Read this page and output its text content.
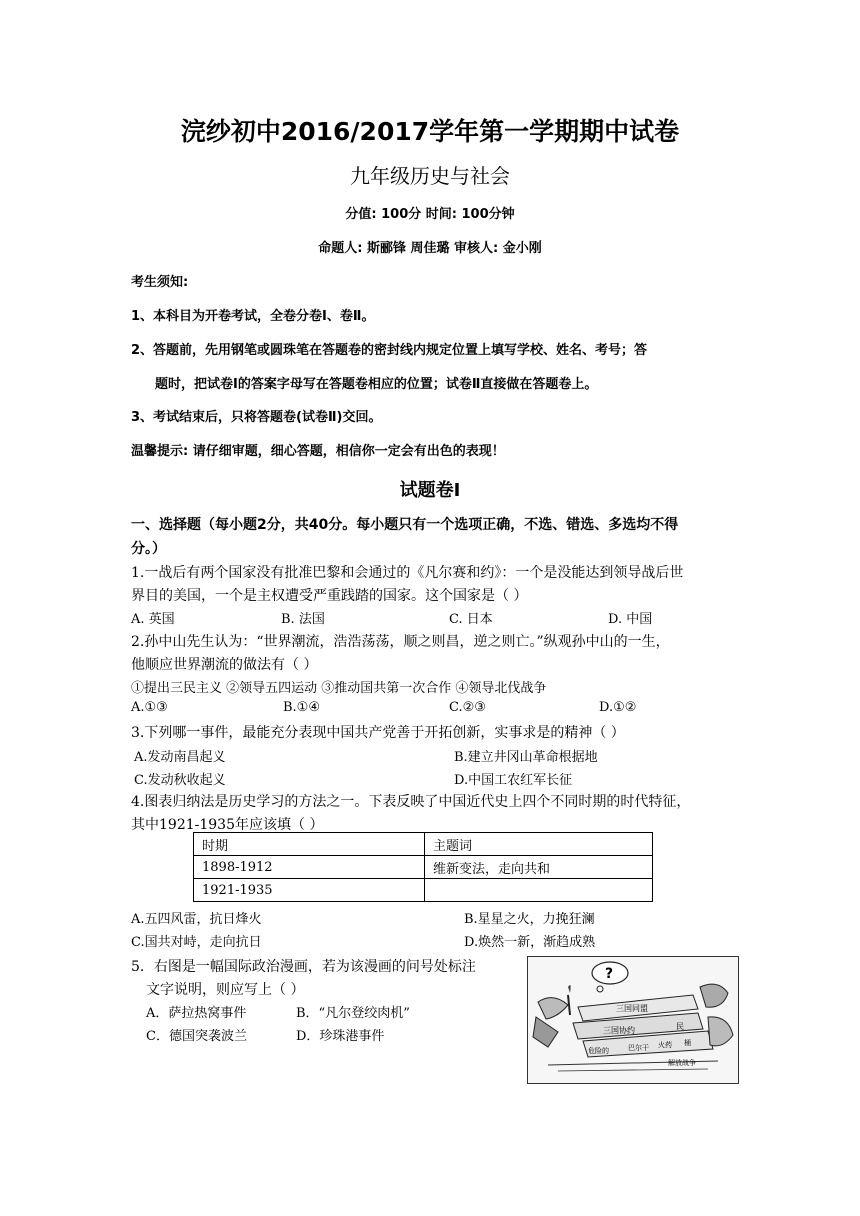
浣纱初中2016/2017学年第一学期期中试卷
九年级历史与社会
分值: 100分 时间: 100分钟
命题人: 斯郦锋 周佳璐 审核人: 金小刚
考生须知:
1、本科目为开卷考试，全卷分卷Ⅰ、卷Ⅱ。
2、答题前，先用钢笔或圆珠笔在答题卷的密封线内规定位置上填写学校、姓名、考号；答
题时，把试卷Ⅰ的答案字母写在答题卷相应的位置；试卷Ⅱ直接做在答题卷上。
3、考试结束后，只将答题卷(试卷Ⅱ)交回。
温馨提示: 请仔细审题，细心答题，相信你一定会有出色的表现！
试题卷Ⅰ
一、选择题（每小题2分，共40分。每小题只有一个选项正确，不选、错选、多选均不得
分。）
1.一战后有两个国家没有批准巴黎和会通过的《凡尔赛和约》：一个是没能达到领导战后世
界目的美国，一个是主权遭受严重践踏的国家。这个国家是（ ）
A. 英国	B. 法国	C. 日本	D. 中国
2.孙中山先生认为：“世界潮流，浩浩荡荡，顺之则昌，逆之则亡。”纵观孙中山的一生，
他顺应世界潮流的做法有（ ）
①提出三民主义 ②领导五四运动 ③推动国共第一次合作 ④领导北伐战争
A.①③	B.①④	C.②③	D.①②
3.下列哪一事件，最能充分表现中国共产党善于开拓创新，实事求是的精神（ ）
A.发动南昌起义	B.建立井冈山革命根据地
C.发动秋收起义	D.中国工农红军长征
4.图表归纳法是历史学习的方法之一。下表反映了中国近代史上四个不同时期的时代特征，
其中1921-1935年应该填（ ）
时期	主题词
1898-1912	维新变法，走向共和
1921-1935	
A.五四风雷，抗日烽火	B.星星之火，力挽狂澜
C.国共对峙，走向抗日	D.焕然一新，渐趋成熟
5．右图是一幅国际政治漫画，若为该漫画的问号处标注
文字说明，则应写上（ ）
A．萨拉热窝事件	B．“凡尔登绞肉机”
C．德国突袭波兰	D．珍珠港事件
?
三国同盟
三国协约	民
危险的	巴尔干 火药 桶
解放战争
